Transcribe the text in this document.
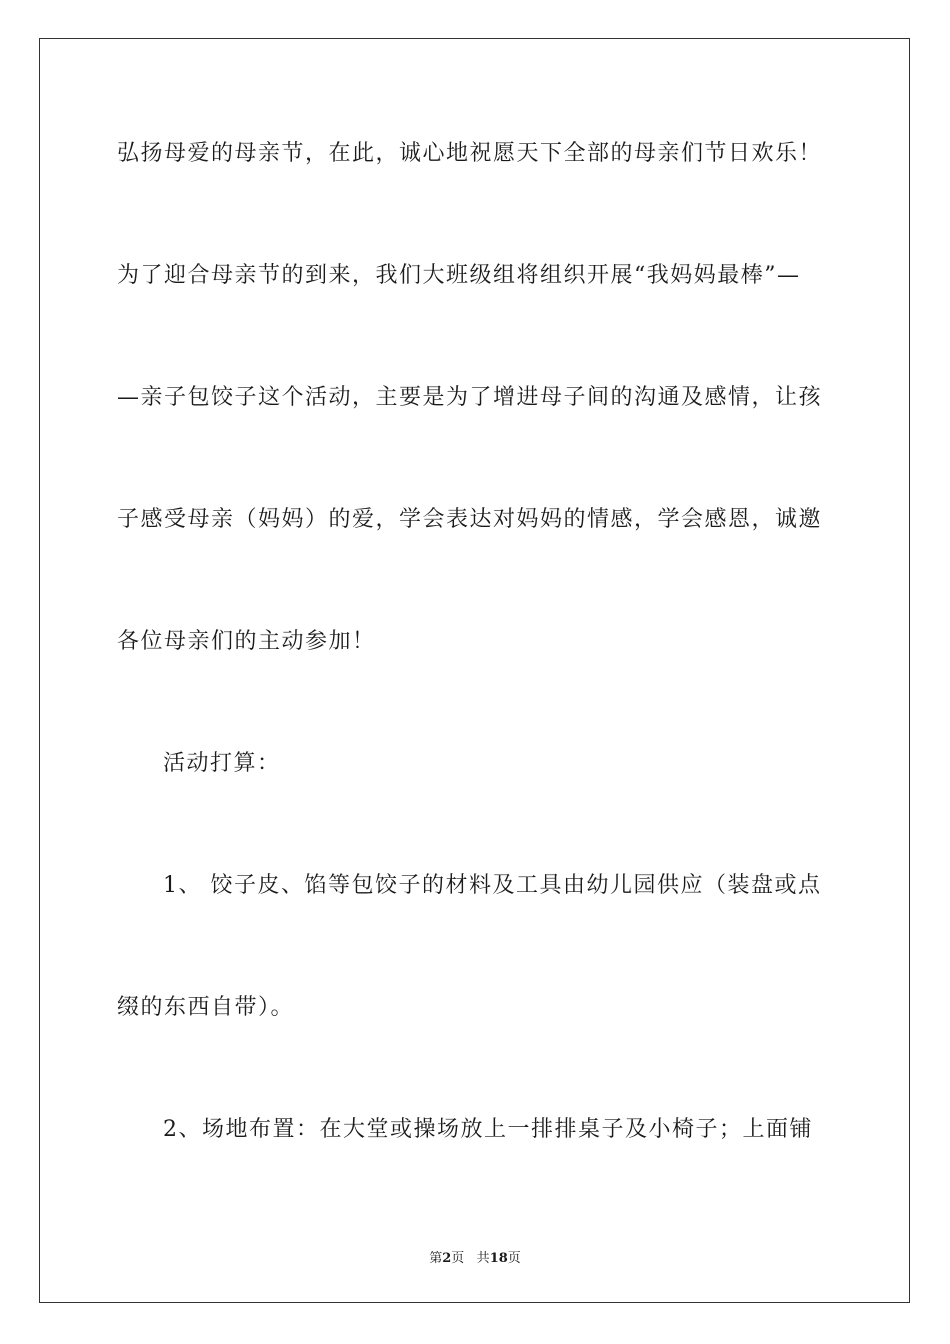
弘扬母爱的母亲节，在此，诚心地祝愿天下全部的母亲们节日欢乐！
为了迎合母亲节的到来，我们大班级组将组织开展“我妈妈最棒”—
—亲子包饺子这个活动，主要是为了增进母子间的沟通及感情，让孩
子感受母亲（妈妈）的爱，学会表达对妈妈的情感，学会感恩，诚邀
各位母亲们的主动参加！
活动打算：
1、 饺子皮、馅等包饺子的材料及工具由幼儿园供应（装盘或点
缀的东西自带）。
2、场地布置：在大堂或操场放上一排排桌子及小椅子；上面铺
第2页 共18页
